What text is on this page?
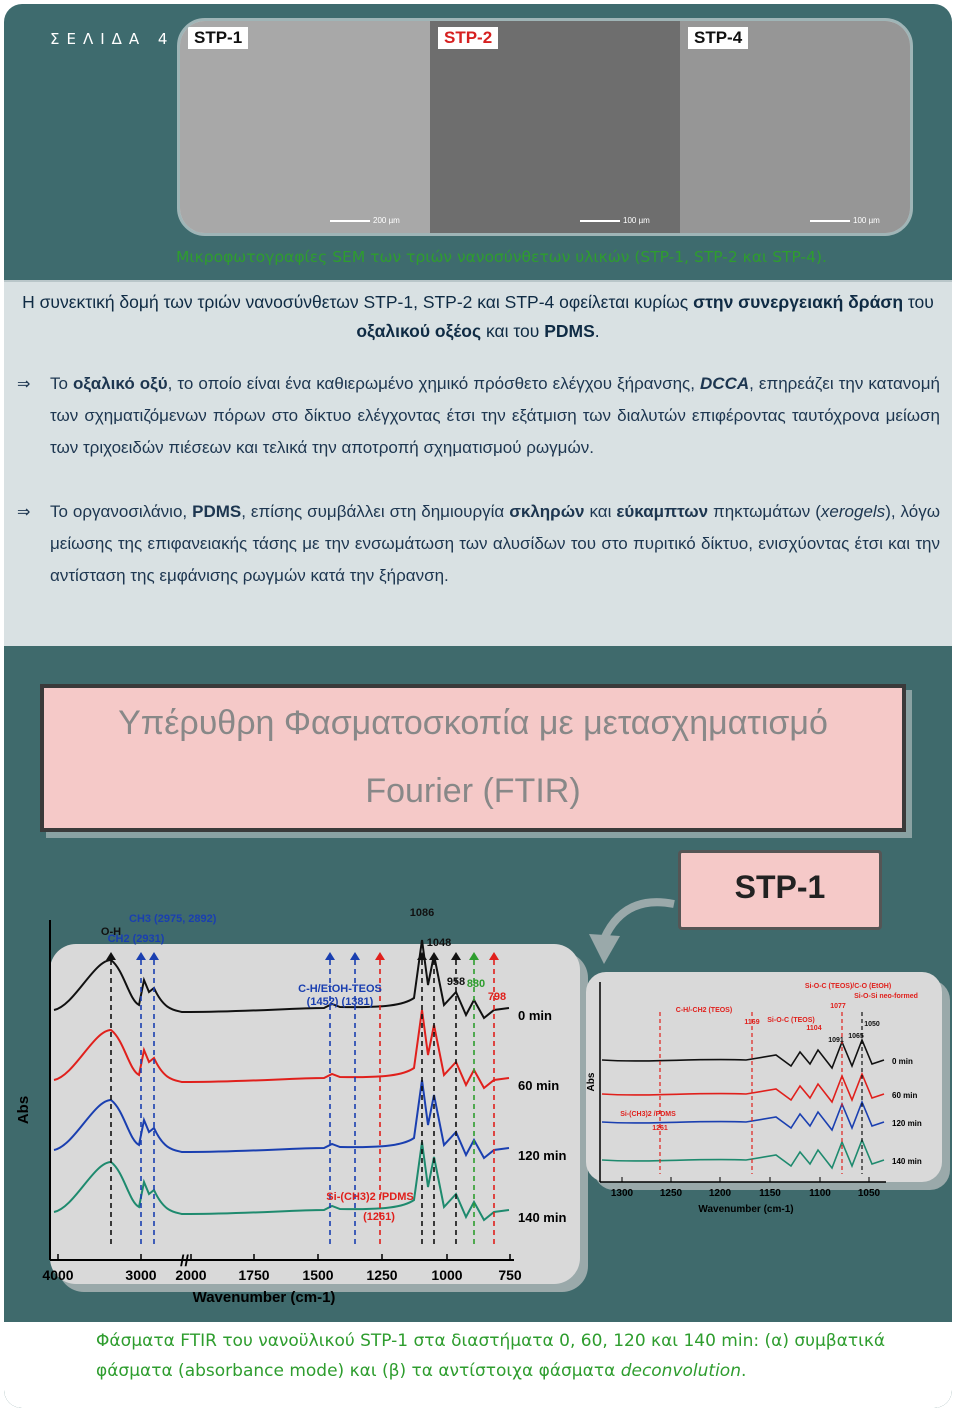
ΣΕΛΙΔΑ 4	STP-1
200 µm
STP-2
100 µm
STP-4
100 µm
Μικροφωτογραφίες SEM των τριών νανοσύνθετων υλικών (STP-1, STP-2 και STP-4).
Η συνεκτική δομή των τριών νανοσύνθετων STP-1, STP-2 και STP-4 οφείλεται κυρίως στην συνεργειακή δράση του οξαλικού οξέος και του PDMS.
⇒ Το οξαλικό οξύ, το οποίο είναι ένα καθιερωμένο χημικό πρόσθετο ελέγχου ξήρανσης, DCCA, επηρεάζει την κατανομή των σχηματιζόμενων πόρων στο δίκτυο ελέγχοντας έτσι την εξάτμιση των διαλυτών επιφέροντας ταυτόχρονα μείωση των τριχοειδών πιέσεων και τελικά την αποτροπή σχηματισμού ρωγμών.
⇒ Το οργανοσιλάνιο, PDMS, επίσης συμβάλλει στη δημιουργία σκληρών και εύκαμπτων πηκτωμάτων (xerogels), λόγω μείωσης της επιφανειακής τάσης με την ενσωμάτωση των αλυσίδων του στο πυριτικό δίκτυο, ενισχύοντας έτσι και την αντίσταση της εμφάνισης ρωγμών κατά την ξήρανση.
Υπέρυθρη Φασματοσκοπία με μετασχηματισμό
Fourier (FTIR)
STP-1
//
4000	3000 2000 1750 1500 1250 1000	750
Wavenumber (cm-1)
Abs
0 min
60 min
120 min
140 min
O-H
CH3 (2975, 2892)
CH2 (2931)
C-H/EtOH-TEOS
(1452) (1381)
1086
1048
958 880
798
Si-(CH3)2 /PDMS
(1261)
1300	1250	1200	1150	1100	1050
Wavenumber (cm-1)
Abs
0 min
60 min
120 min
140 min
C-H/-CH2 (TEOS)
1169 Si-O-C (TEOS)
1104
1091
1065
1050
Si-O-C (TEOS)/C-O (EtOH)
1077
Si-O-Si neo-formed
Si-(CH3)2 /PDMS
1261
Φάσματα FTIR του νανοϋλικού STP-1 στα διαστήματα 0, 60, 120 και 140 min: (α) συμβατικά φάσματα (absorbance mode) και (β) τα αντίστοιχα φάσματα deconvolution.
